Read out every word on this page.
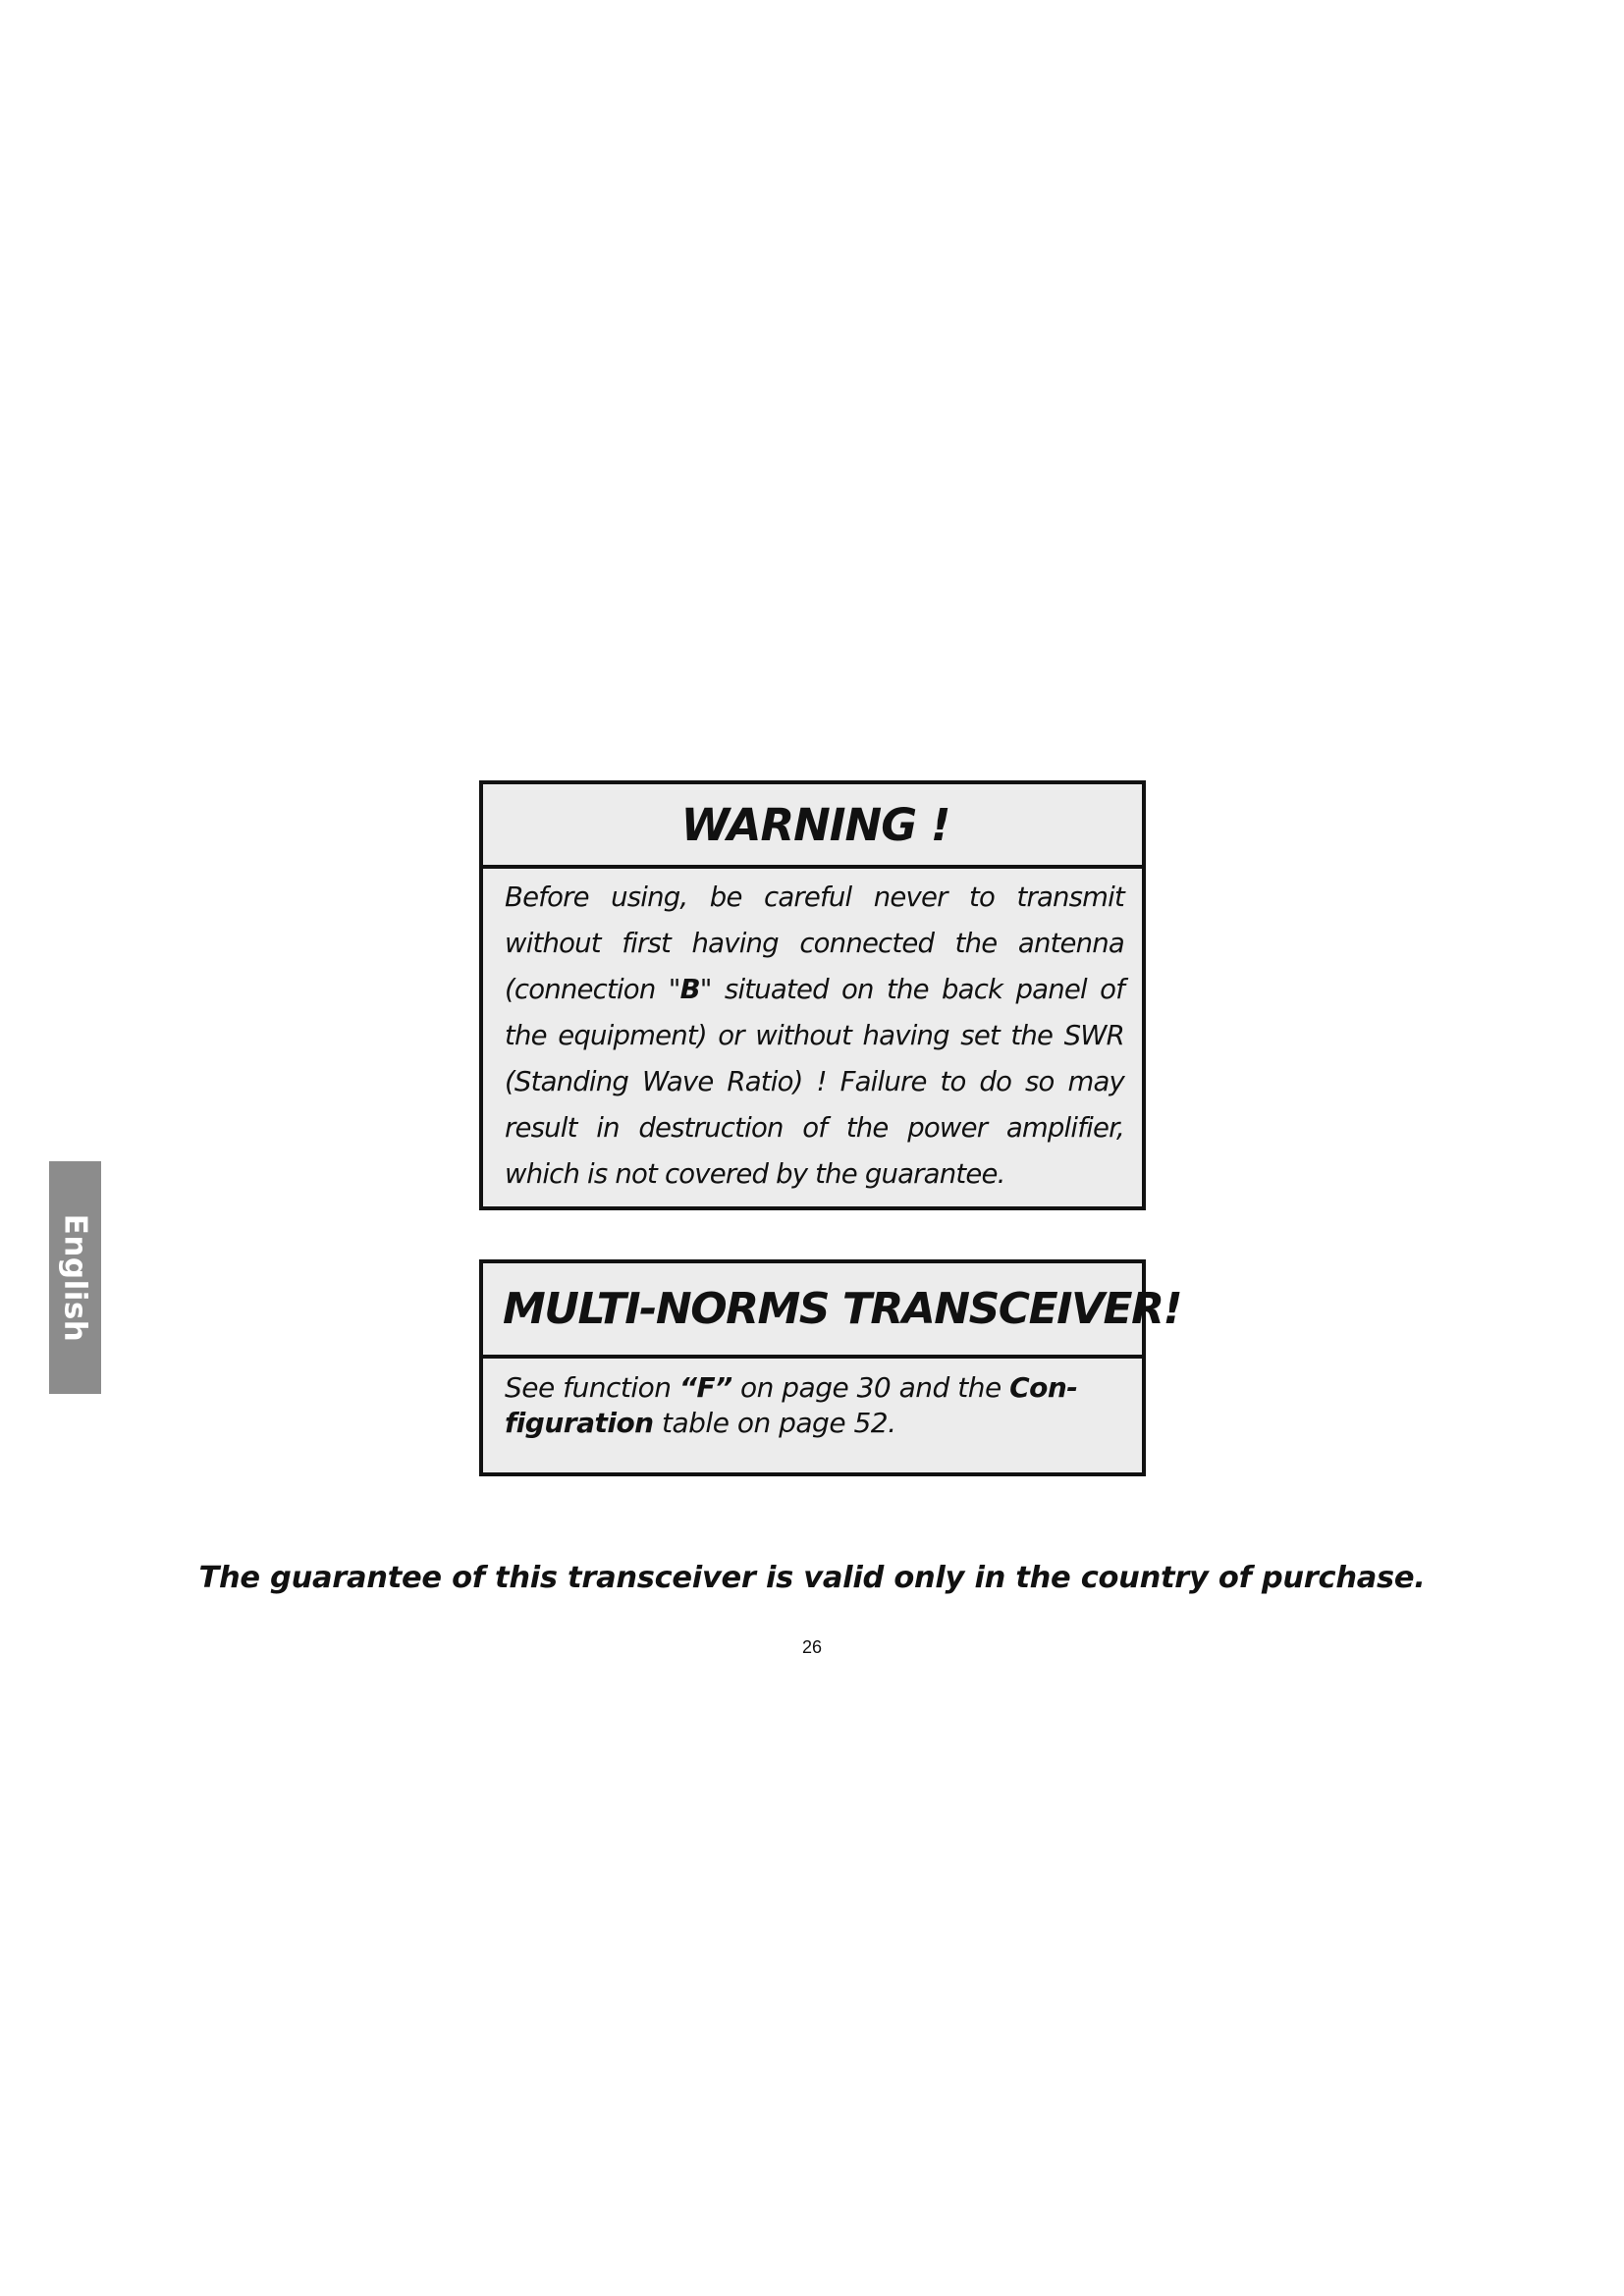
English
WARNING !
Before using, be careful never to transmit without first having connected the antenna (connection "B" situated on the back panel of the equipment) or without having set the SWR (Standing Wave Ratio) ! Failure to do so may result in destruction of the power amplifier, which is not covered by the guarantee.
MULTI-NORMS TRANSCEIVER!
See function “F” on page 30 and the Con-
figuration table on page 52.
The guarantee of this transceiver is valid only in the country of purchase.
26
